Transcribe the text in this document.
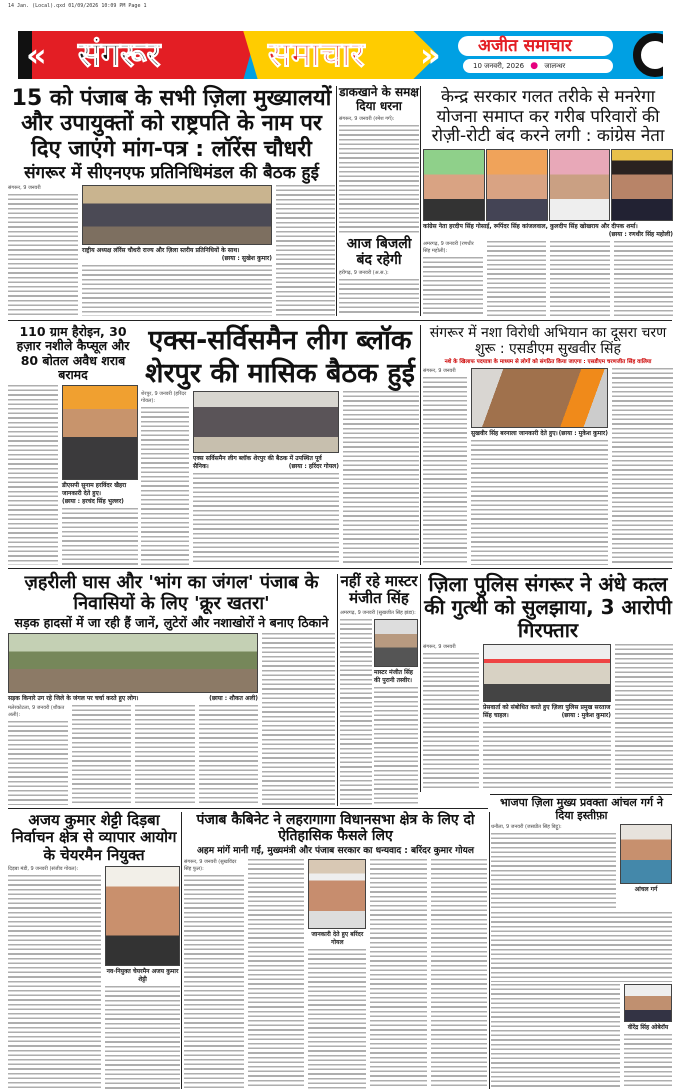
14 Jan. (Local).qxd 01/09/2026 10:09 PM Page 1
« संगरूर	समाचार » अजीत समाचार
10 जनवरी, 2026 ● जालन्धर
15 को पंजाब के सभी ज़िला मुख्यालयों और उपायुक्तों को राष्ट्रपति के नाम पर दिए जाएंगे मांग-पत्र : लॉरेंस चौधरी
संगरूर में सीएनएफ प्रतिनिधिमंडल की बैठक हुई
संगरूर, 9 जनवरी
राष्ट्रीय अध्यक्ष लॉरेंस चौधरी राज्य और ज़िला स्तरीय प्रतिनिधियों के साथ।
(छाया : सुखेश कुमार)
डाकखाने के समक्ष दिया धरना
संगरूर, 9 जनवरी (रमेश गर्ग):
आज बिजली बंद रहेगी
हरीगढ़, 9 जनवरी (अ.स.):
केन्द्र सरकार गलत तरीके से मनरेगा योजना समाप्त कर गरीब परिवारों की रोज़ी-रोटी बंद करने लगी : कांग्रेस नेता
कांग्रेस नेता हरदीप सिंह गोसाई, रूपिंदर सिंह कांजलवाल, कुलदीप सिंह खोखराय और दीपक शर्मा।
(छाया : रणधीर सिंह महोली)
अमरगढ़, 9 जनवरी (रणधीर सिंह महोली):
110 ग्राम हैरोइन, 30 हज़ार नशीले कैप्सूल और 80 बोतल अवैध शराब बरामद
डीएसपी सुनाम हरविंदर खैहरा जानकारी देते हुए।
(छाया : हरचंद सिंह भुल्लर)
एक्स-सर्विसमैन लीग ब्लॉक
शेरपुर की मासिक बैठक हुई
शेरपुर, 9 जनवरी (हरिंदर गोयल):
एक्स सर्विसमैन लीग ब्लॉक शेरपुर की बैठक में उपस्थित पूर्व सैनिक।	(छाया : हरिंदर गोयल)
संगरूर में नशा विरोधी अभियान का दूसरा चरण शुरू : एसडीएम सुखवीर सिंह
नशे के खिलाफ पदयात्रा के माध्यम से लोगों को संगठित किया जाएगा : एसडीएम चरणजीत सिंह वालिया
संगरूर, 9 जनवरी
सुखवीर सिंह बरनाला जानकारी देते हुए। (छाया : मुकेश कुमार)
ज़हरीली घास और 'भांग का जंगल' पंजाब के निवासियों के लिए 'क्रूर खतरा'
सड़क हादसों में जा रही हैं जानें, लुटेरों और नशाखोरों ने बनाए ठिकाने
सड़क किनारे उग रहे जिले के जंगल पर चर्चा करते हुए लोग।	(छाया : शौकत अली)
मलेरकोटला, 9 जनवरी (शौकत अली):
नहीं रहे मास्टर मंजीत सिंह
अमरगढ़, 9 जनवरी (सुखजीत सिंह झंडा):
मास्टर मंजीत सिंह की पुरानी तस्वीर।
ज़िला पुलिस संगरूर ने अंधे कत्ल की गुत्थी को सुलझाया, 3 आरोपी गिरफ्तार
संगरूर, 9 जनवरी
प्रेसवार्ता को संबोधित करते हुए ज़िला पुलिस प्रमुख सरताज सिंह चाहल।	(छाया : मुकेश कुमार)
भाजपा ज़िला मुख्य प्रवक्ता आंचल गर्ग ने दिया इस्तीफ़ा
धनौला, 9 जनवरी (जसप्रीत सिंह बिट्टू):
आंचल गर्ग
वीरेंद्र सिंह ओबेरॉय
अजय कुमार शेट्टी दिड़बा निर्वाचन क्षेत्र से व्यापार आयोग के चेयरमैन नियुक्त
दिड़बा मंडी, 9 जनवरी (संजीव गोयल):
नव-नियुक्त चेयरमैन अजय कुमार शेट्टी
पंजाब कैबिनेट ने लहरागागा विधानसभा क्षेत्र के लिए दो ऐतिहासिक फैसले लिए
अहम मांगें मानी गईं, मुख्यमंत्री और पंजाब सरकार का धन्यवाद : बरिंदर कुमार गोयल
संगरूर, 9 जनवरी (सुखविंदर सिंह फुल):
जानकारी देते हुए बरिंदर गोयल
